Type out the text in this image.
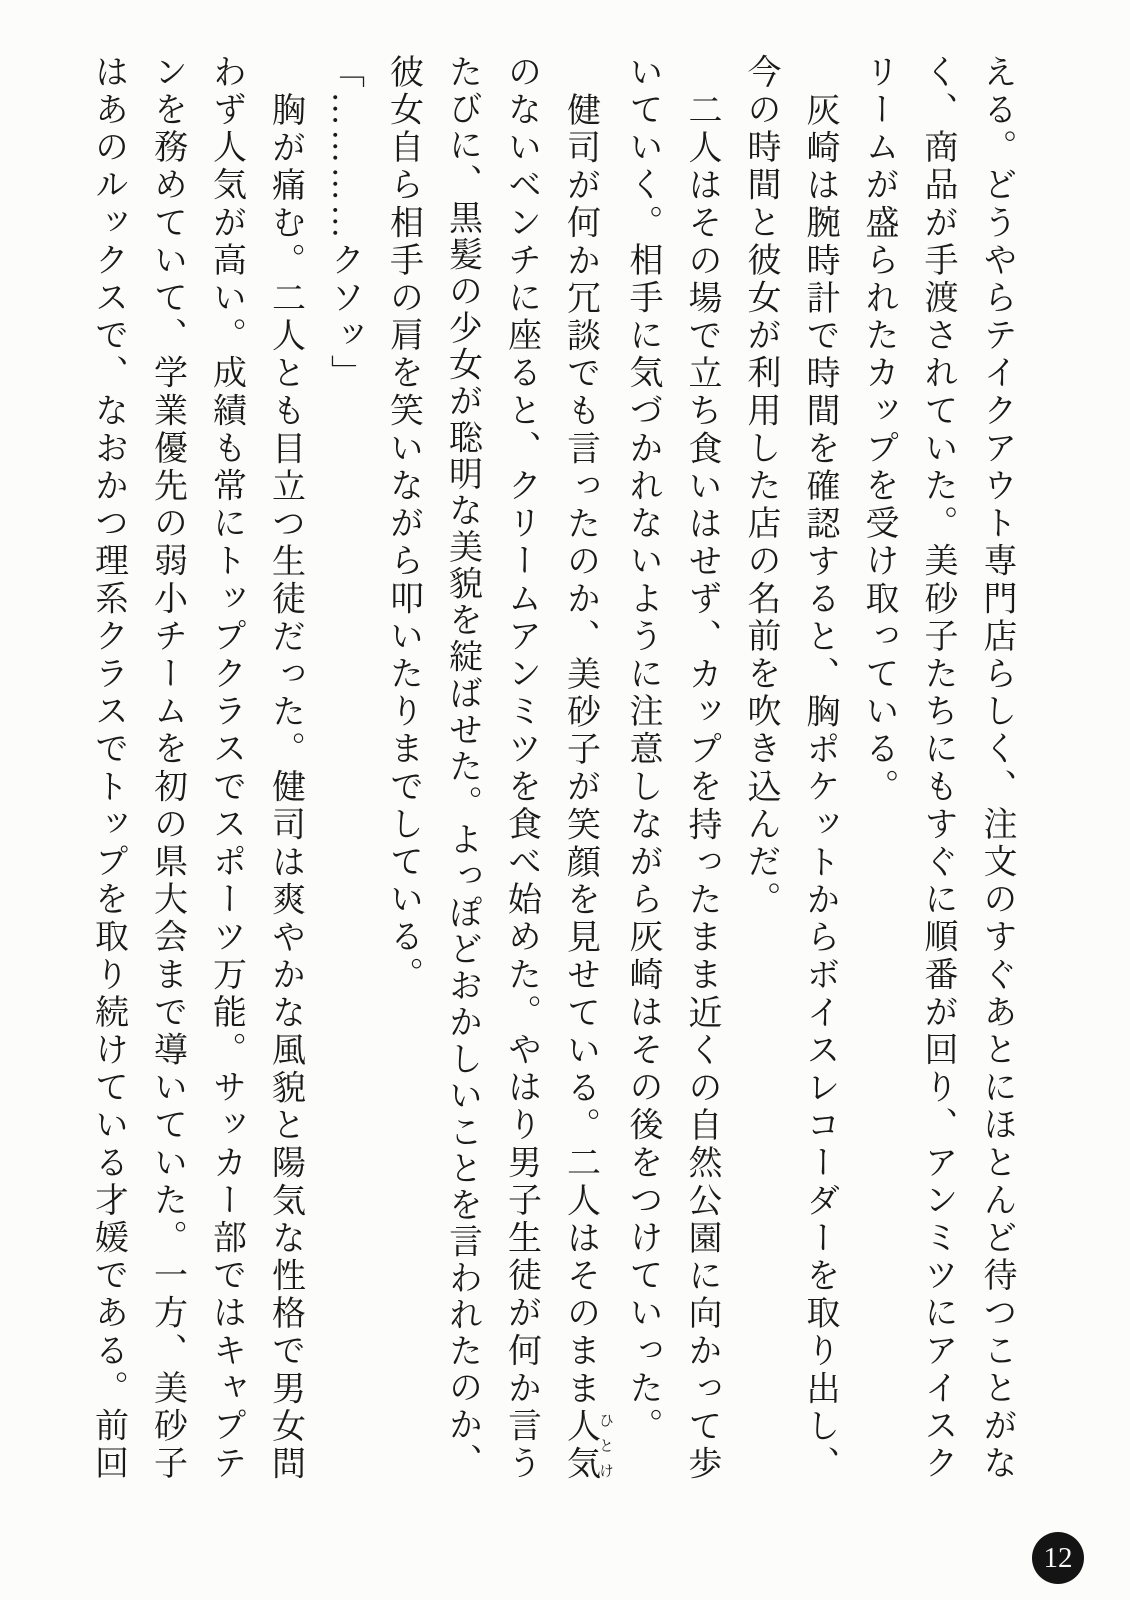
える。どうやらテイクアウト専門店らしく、注文のすぐあとにほとんど待つことがな

く、商品が手渡されていた。美砂子たちにもすぐに順番が回り、アンミツにアイスク

リームが盛られたカップを受け取っている。

灰崎は腕時計で時間を確認すると、胸ポケットからボイスレコーダーを取り出し、

今の時間と彼女が利用した店の名前を吹き込んだ。

二人はその場で立ち食いはせず、カップを持ったまま近くの自然公園に向かって歩

いていく。相手に気づかれないように注意しながら灰崎はその後をつけていった。

健司が何か冗談でも言ったのか、美砂子が笑顔を見せている。二人はそのまま人気ひとけ

のないベンチに座ると、クリームアンミツを食べ始めた。やはり男子生徒が何か言う

たびに、黒髪の少女が聡明な美貌を綻ばせた。よっぽどおかしいことを言われたのか、

彼女自ら相手の肩を笑いながら叩いたりまでしている。

「…………クソッ」

胸が痛む。二人とも目立つ生徒だった。健司は爽やかな風貌と陽気な性格で男女問

わず人気が高い。成績も常にトップクラスでスポーツ万能。サッカー部ではキャプテ

ンを務めていて、学業優先の弱小チームを初の県大会まで導いていた。一方、美砂子

はあのルックスで、なおかつ理系クラスでトップを取り続けている才媛である。前回

12
